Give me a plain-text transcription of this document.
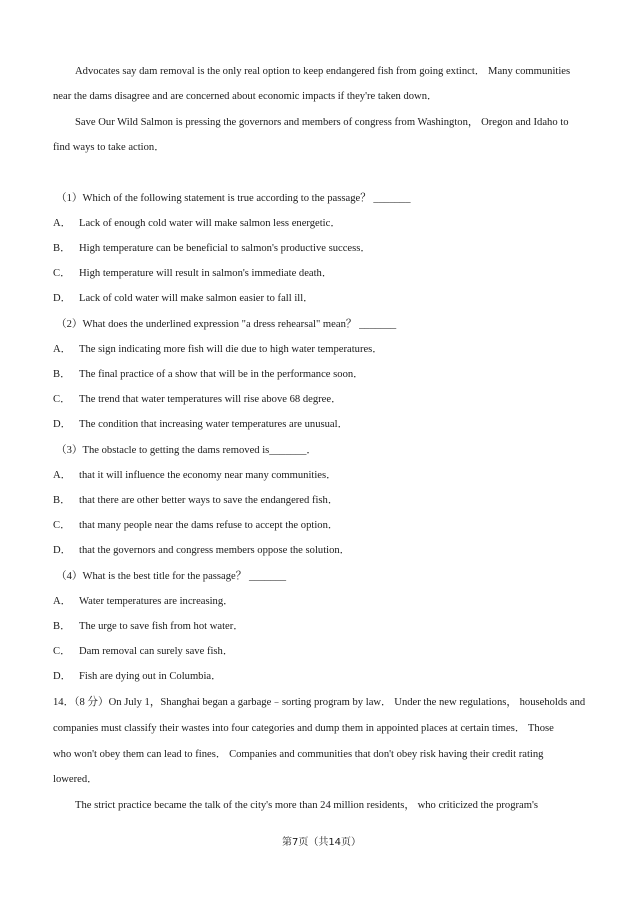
Advocates say dam removal is the only real option to keep endangered fish from going extinct． Many communities

near the dams disagree and are concerned about economic impacts if they're taken down．

Save Our Wild Salmon is pressing the governors and members of congress from Washington， Oregon and Idaho to

find ways to take action．

（1）Which of the following statement is true according to the passage？ _______

A． Lack of enough cold water will make salmon less energetic．

B． High temperature can be beneficial to salmon's productive success．

C． High temperature will result in salmon's immediate death．

D． Lack of cold water will make salmon easier to fall ill．

（2）What does the underlined expression "a dress rehearsal" mean？ _______

A． The sign indicating more fish will die due to high water temperatures．

B． The final practice of a show that will be in the performance soon．

C． The trend that water temperatures will rise above 68 degree．

D． The condition that increasing water temperatures are unusual．

（3）The obstacle to getting the dams removed is_______．

A． that it will influence the economy near many communities．

B． that there are other better ways to save the endangered fish．

C． that many people near the dams refuse to accept the option．

D． that the governors and congress members oppose the solution．

（4）What is the best title for the passage？ _______

A． Water temperatures are increasing．

B． The urge to save fish from hot water．

C． Dam removal can surely save fish．

D． Fish are dying out in Columbia．

14．（8 分）On July 1，Shanghai began a garbage﹣sorting program by law． Under the new regulations， households and

companies must classify their wastes into four categories and dump them in appointed places at certain times． Those

who won't obey them can lead to fines． Companies and communities that don't obey risk having their credit rating

lowered．

The strict practice became the talk of the city's more than 24 million residents， who criticized the program's

第7页（共14页）
